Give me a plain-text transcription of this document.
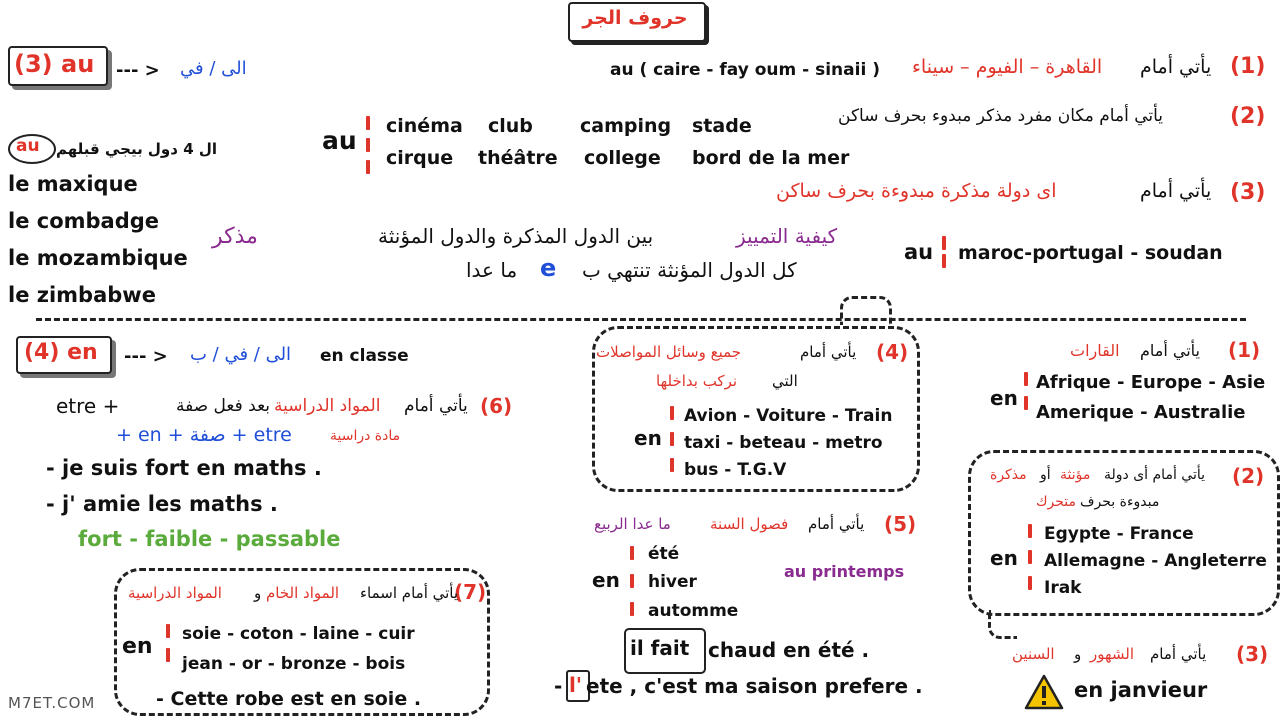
حروف الجر
(3) au --- > الى / في	(1)
يأتي أمام
القاهرة – الفيوم – سيناء
au ( caire - fay oum - sinaii )
(2)
يأتي أمام مكان مفرد مذكر مبدوء بحرف ساكن
au cinéma club camping stade
cirque théâtre college bord de la mer
(3)
يأتي أمام
اى دولة مذكرة مبدوءة بحرف ساكن
ال 4 دول بيجي قبلهم
au
le maxique
le combadge
le mozambique
le zimbabwe
مذكر	كيفية التمييز
بين الدول المذكرة والدول المؤنثة
كل الدول المؤنثة تنتهي ب
e
ما عدا
au maroc-portugal - soudan
(4) en --- > الى / في / ب en classe
(6)
يأتي أمام
المواد الدراسية
بعد فعل صفة
etre +
مادة دراسية
+ en + صفة + etre
- je suis fort en maths .
- j' amie les maths .
fort - faible - passable
(7)
يأتي أمام اسماء
المواد الخام
و
المواد الدراسية
en soie - coton - laine - cuir
jean - or - bronze - bois
- Cette robe est en soie .
(4)
يأتي أمام
جميع وسائل المواصلات
التي
نركب بداخلها
en
Avion - Voiture - Train
taxi - beteau - metro
bus - T.G.V
(5)
يأتي أمام
فصول السنة
ما عدا الربيع
en
été
hiver
automme
au printemps
il fait chaud en été .
- l' ete , c'est ma saison prefere .
(1)
يأتي أمام
القارات
en
Afrique - Europe - Asie
Amerique - Australie
(2)
يأتي أمام أى دولة
مؤنثة
أو
مذكرة
مبدوءة بحرف
متحرك
en
Egypte - France
Allemagne - Angleterre
Irak
(3)
يأتي أمام
الشهور
و
السنين
en janvieur
M7ET.COM
